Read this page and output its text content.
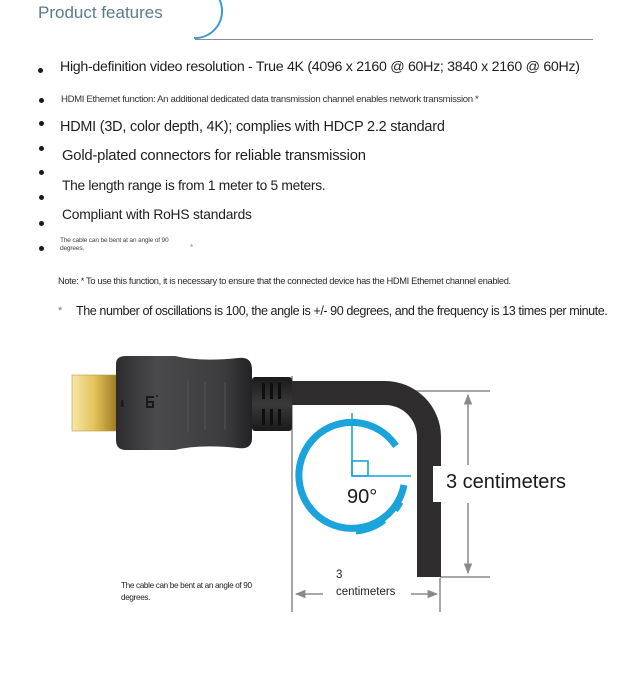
Product features
High-definition video resolution - True 4K (4096 x 2160 @ 60Hz; 3840 x 2160 @ 60Hz)
HDMI Ethernet function: An additional dedicated data transmission channel enables network transmission *
HDMI (3D, color depth, 4K); complies with HDCP 2.2 standard
Gold-plated connectors for reliable transmission
The length range is from 1 meter to 5 meters.
Compliant with RoHS standards
The cable can be bent at an angle of 90 degrees.	*
Note: * To use this function, it is necessary to ensure that the connected device has the HDMI Ethemet channel enabled.
* The number of oscillations is 100, the angle is +/- 90 degrees, and the frequency is 13 times per minute.
90°
3 centimeters
3
centimeters
The cable can be bent at an angle of 90 degrees.
